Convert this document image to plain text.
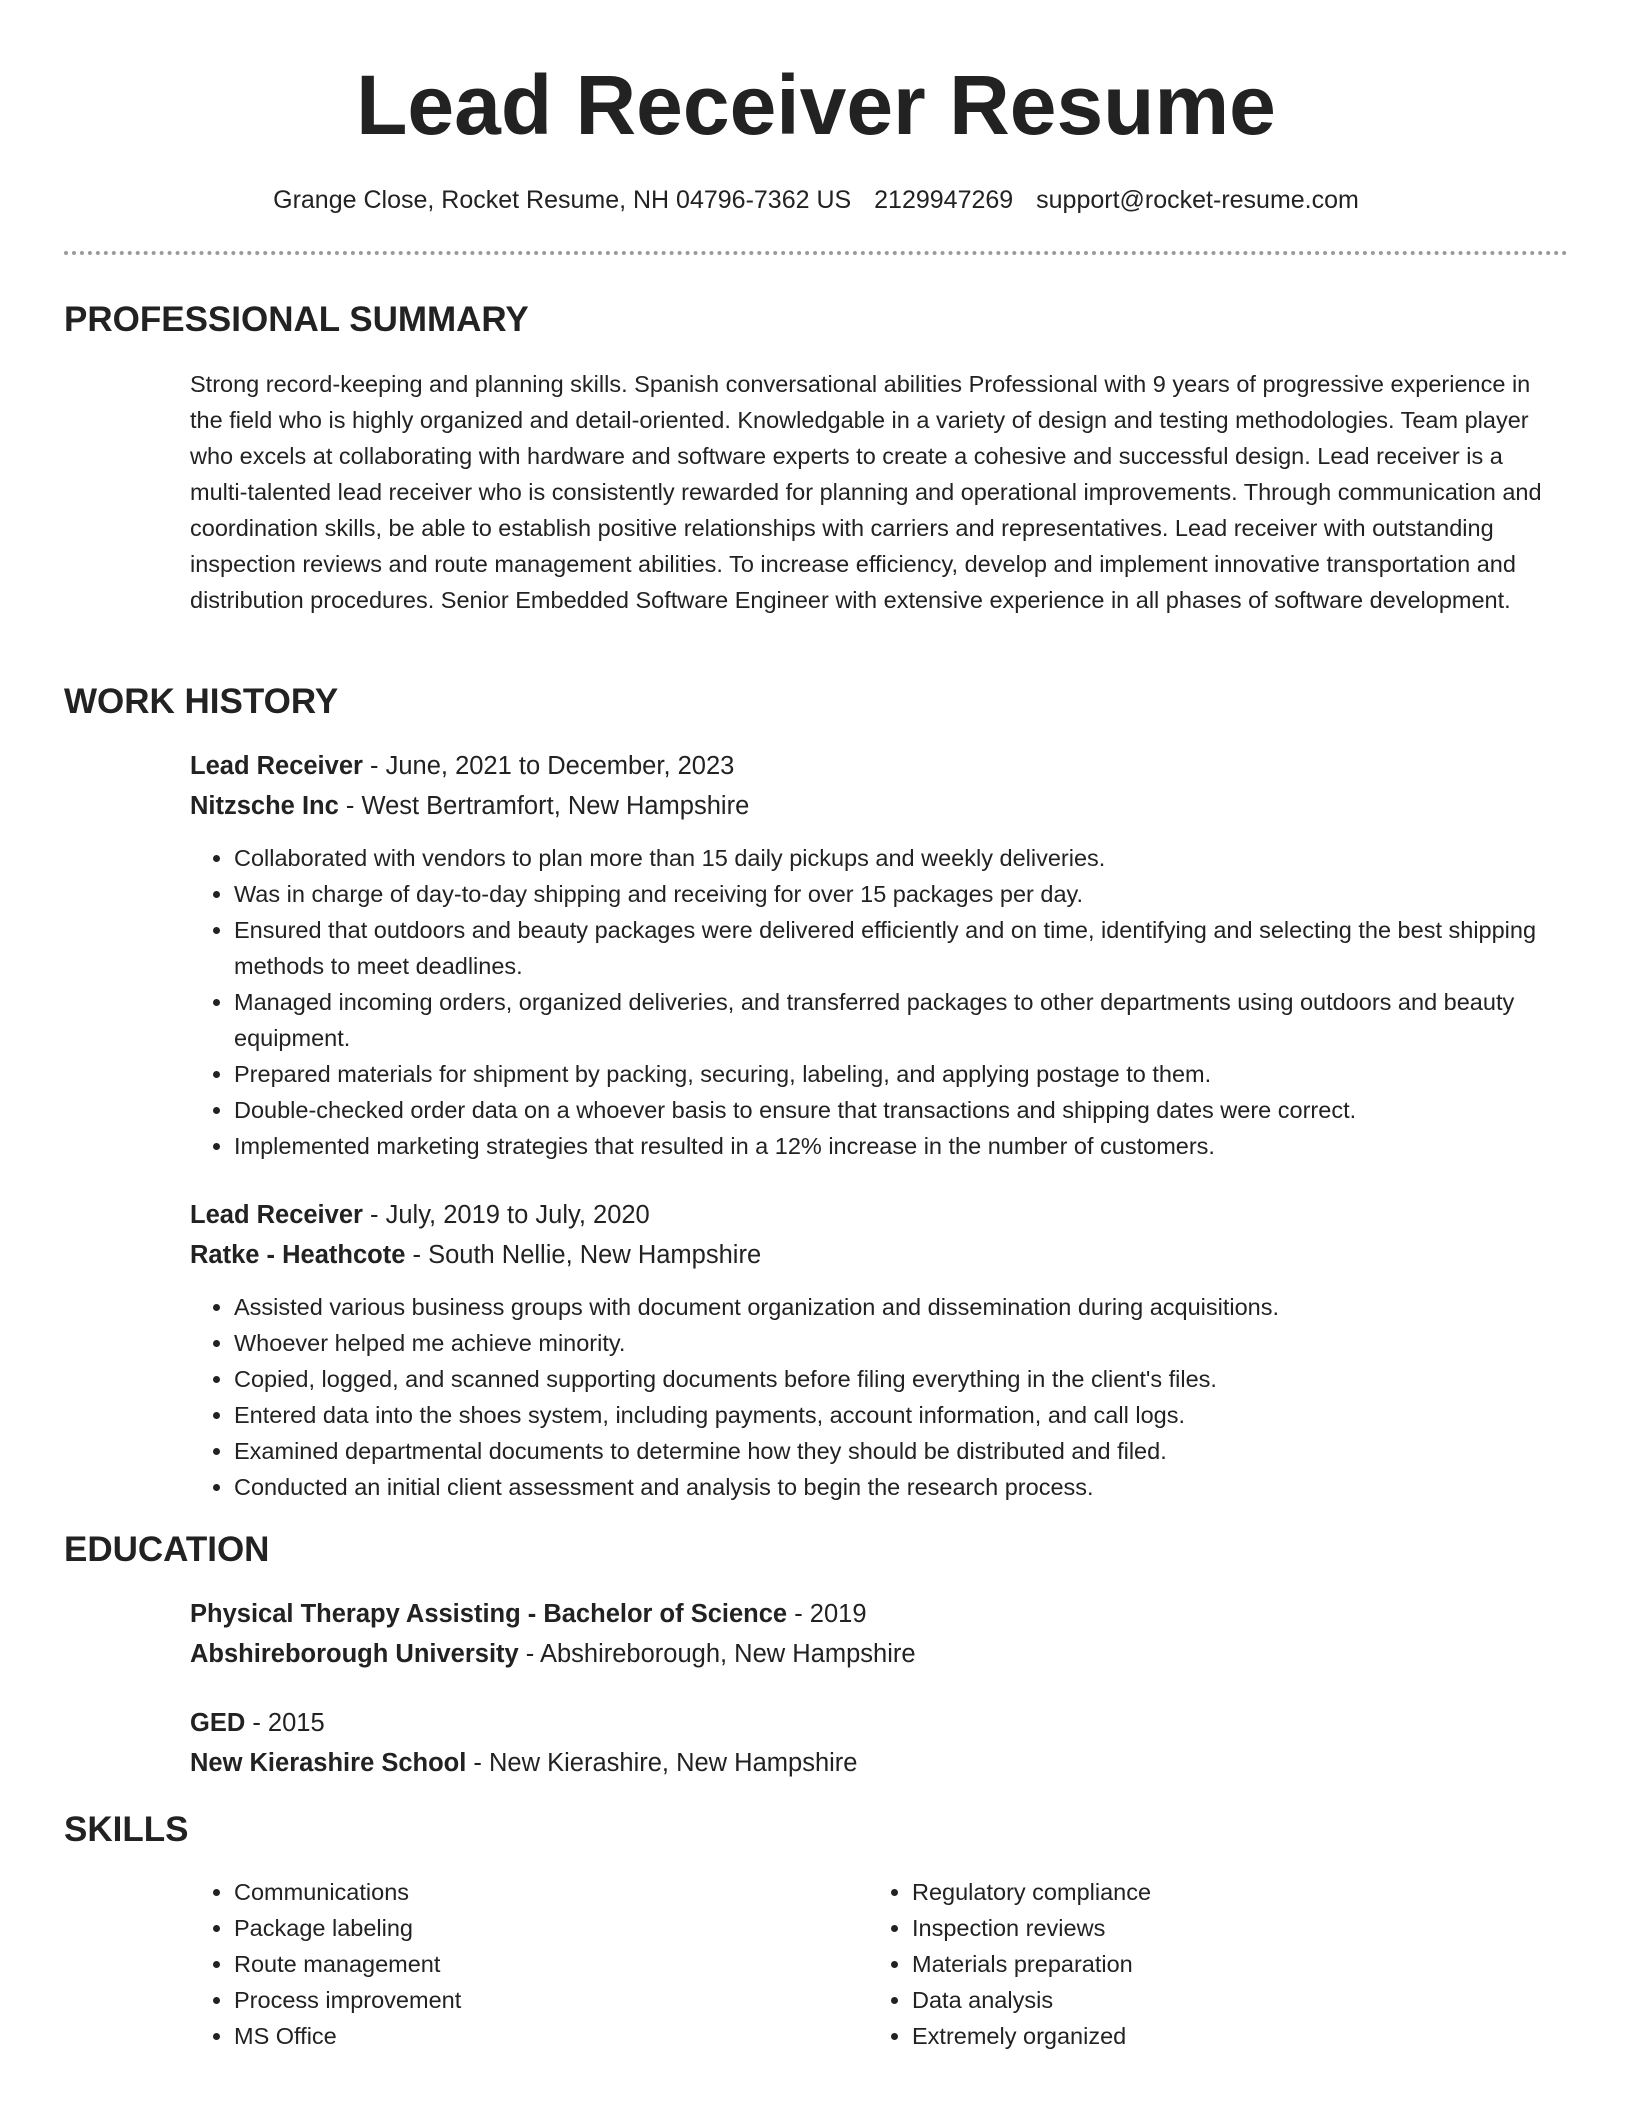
Lead Receiver Resume
Grange Close, Rocket Resume, NH 04796-7362 US 2129947269 support@rocket-resume.com
PROFESSIONAL SUMMARY

Strong record-keeping and planning skills. Spanish conversational abilities Professional with 9 years of progressive experience in the field who is highly organized and detail-oriented. Knowledgable in a variety of design and testing methodologies. Team player who excels at collaborating with hardware and software experts to create a cohesive and successful design. Lead receiver is a multi-talented lead receiver who is consistently rewarded for planning and operational improvements. Through communication and coordination skills, be able to establish positive relationships with carriers and representatives. Lead receiver with outstanding inspection reviews and route management abilities. To increase efficiency, develop and implement innovative transportation and distribution procedures. Senior Embedded Software Engineer with extensive experience in all phases of software development.

WORK HISTORY
Lead Receiver - June, 2021 to December, 2023
Nitzsche Inc - West Bertramfort, New Hampshire
• Collaborated with vendors to plan more than 15 daily pickups and weekly deliveries.
• Was in charge of day-to-day shipping and receiving for over 15 packages per day.
• Ensured that outdoors and beauty packages were delivered efficiently and on time, identifying and selecting the best shipping methods to meet deadlines.
• Managed incoming orders, organized deliveries, and transferred packages to other departments using outdoors and beauty equipment.
• Prepared materials for shipment by packing, securing, labeling, and applying postage to them.
• Double-checked order data on a whoever basis to ensure that transactions and shipping dates were correct.
• Implemented marketing strategies that resulted in a 12% increase in the number of customers.
Lead Receiver - July, 2019 to July, 2020
Ratke - Heathcote - South Nellie, New Hampshire
• Assisted various business groups with document organization and dissemination during acquisitions.
• Whoever helped me achieve minority.
• Copied, logged, and scanned supporting documents before filing everything in the client's files.
• Entered data into the shoes system, including payments, account information, and call logs.
• Examined departmental documents to determine how they should be distributed and filed.
• Conducted an initial client assessment and analysis to begin the research process.
EDUCATION
Physical Therapy Assisting - Bachelor of Science - 2019
Abshireborough University - Abshireborough, New Hampshire
GED - 2015
New Kierashire School - New Kierashire, New Hampshire
SKILLS
• Communications
• Package labeling
• Route management
• Process improvement
• MS Office
• Regulatory compliance
• Inspection reviews
• Materials preparation
• Data analysis
• Extremely organized
